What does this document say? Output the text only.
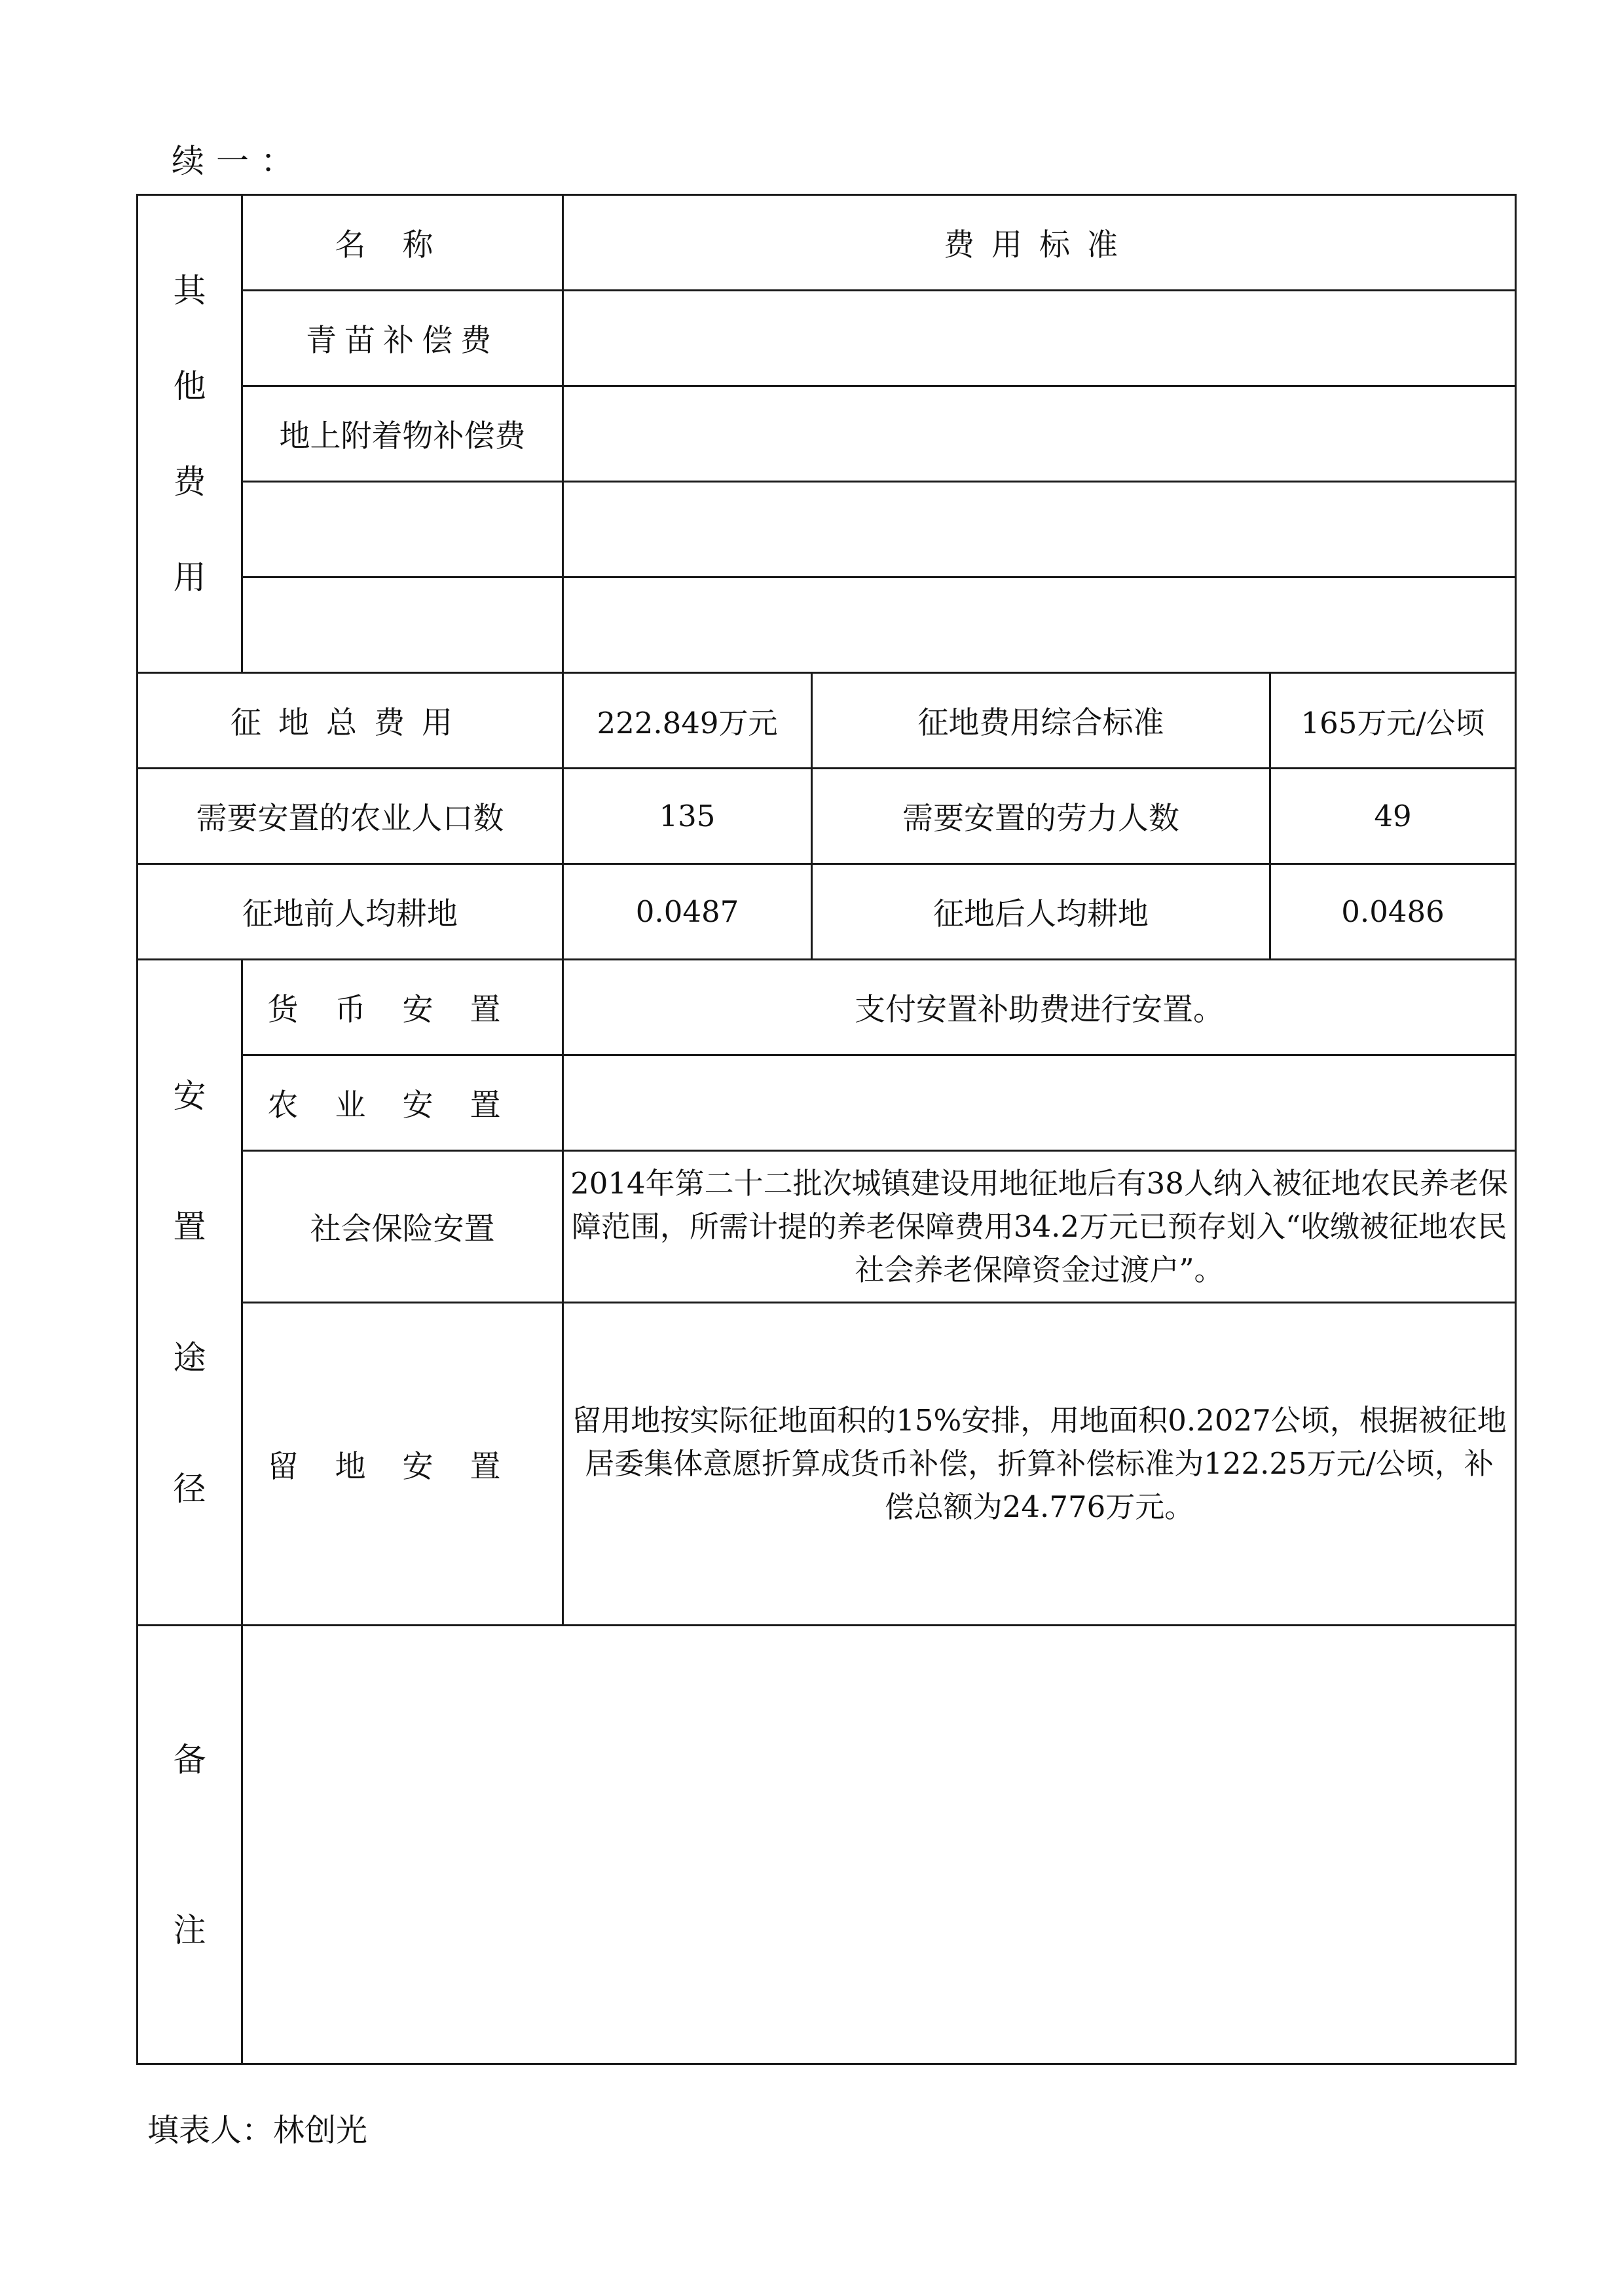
续一：
其
他
费
用	名称	费用标准		
	青苗补偿费			
	地上附着物补偿费			

征地总费用		222.849万元	征地费用综合标准	165万元/公顷
需要安置的农业人口数		135	需要安置的劳力人数	49
征地前人均耕地		0.0487	征地后人均耕地	0.0486

安
置
途
径	货币安置	支付安置补助费进行安置。		
	农业安置			
	社会保险安置	2014年第二十二批次城镇建设用地征地后有38人纳入被征地农民养老保障范围，所需计提的养老保障费用34.2万元已预存划入“收缴被征地农民社会养老保障资金过渡户”。		
	留地安置	留用地按实际征地面积的15%安排，用地面积0.2027公顷，根据被征地居委集体意愿折算成货币补偿，折算补偿标准为122.25万元/公顷，补偿总额为24.776万元。		

备
注				

填表人：林创光
